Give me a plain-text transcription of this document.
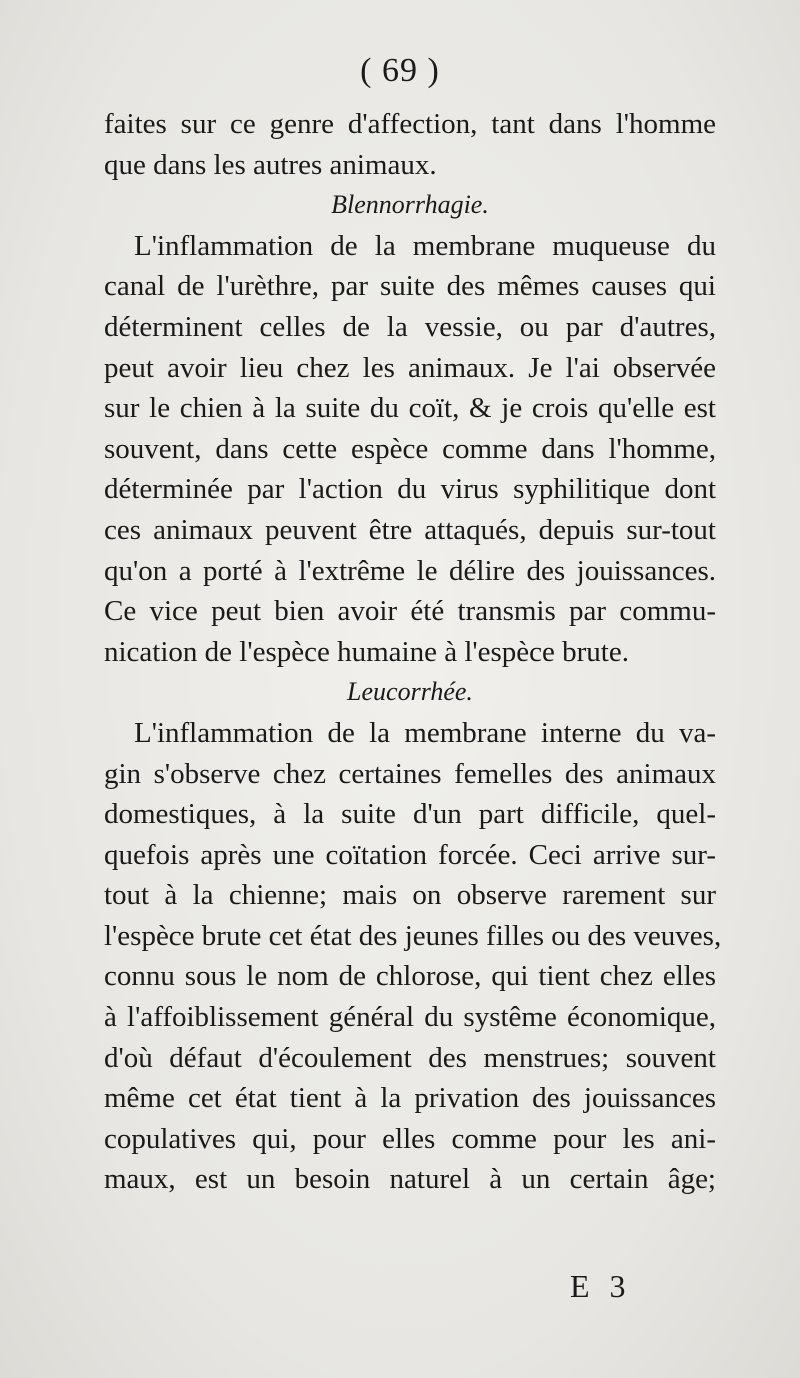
( 69 )
faites sur ce genre d'affection, tant dans l'homme
que dans les autres animaux.
Blennorrhagie.
L'inflammation de la membrane muqueuse du
canal de l'urèthre, par suite des mêmes causes qui
déterminent celles de la vessie, ou par d'autres,
peut avoir lieu chez les animaux. Je l'ai observée
sur le chien à la suite du coït, & je crois qu'elle est
souvent, dans cette espèce comme dans l'homme,
déterminée par l'action du virus syphilitique dont
ces animaux peuvent être attaqués, depuis sur-tout
qu'on a porté à l'extrême le délire des jouissances.
Ce vice peut bien avoir été transmis par commu-
nication de l'espèce humaine à l'espèce brute.
Leucorrhée.
L'inflammation de la membrane interne du va-
gin s'observe chez certaines femelles des animaux
domestiques, à la suite d'un part difficile, quel-
quefois après une coïtation forcée. Ceci arrive sur-
tout à la chienne; mais on observe rarement sur
l'espèce brute cet état des jeunes filles ou des veuves,
connu sous le nom de chlorose, qui tient chez elles
à l'affoiblissement général du systême économique,
d'où défaut d'écoulement des menstrues; souvent
même cet état tient à la privation des jouissances
copulatives qui, pour elles comme pour les ani-
maux, est un besoin naturel à un certain âge;
E 3
